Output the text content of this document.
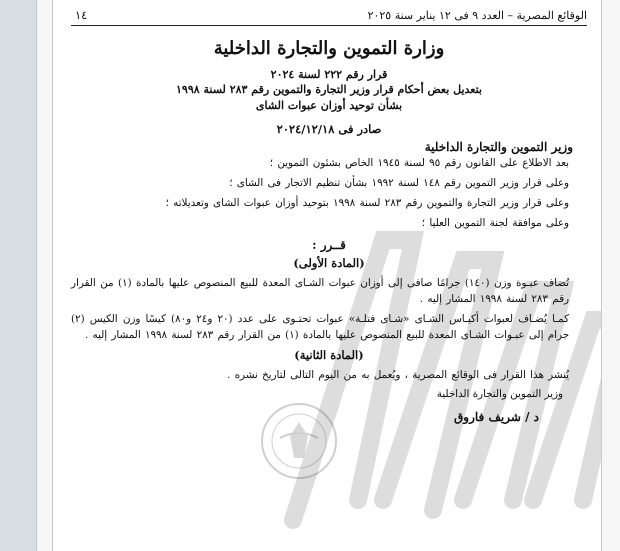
الوقائع المصرية – العدد ٩ فى ١٢ يناير سنة ٢٠٢٥
١٤
وزارة التموين والتجارة الداخلية
قرار رقم ٢٢٢ لسنة ٢٠٢٤
بتعديل بعض أحكام قرار وزير التجارة والتموين رقم ٢٨٣ لسنة ١٩٩٨
بشأن توحيد أوزان عبوات الشاى
صادر فى ٢٠٢٤/١٢/١٨
وزير التموين والتجارة الداخلية

بعد الاطلاع على القانون رقم ٩٥ لسنة ١٩٤٥ الخاص بشئون التموين ؛

وعلى قرار وزير التموين رقم ١٤٨ لسنة ١٩٩٢ بشأن تنظيم الاتجار فى الشاى ؛

وعلى قرار وزير التجارة والتموين رقم ٢٨٣ لسنة ١٩٩٨ بتوحيد أوزان عبوات الشاى وتعديلاته ؛

وعلى موافقة لجنة التموين العليا ؛

قــرر :
(المادة الأولى)

تُضاف عبـوة وزن (١٤٠) جرامًا صافى إلى أوزان عبوات الشـاى المعدة للبيع المنصوص عليها بالمادة (١) من القرار رقم ٢٨٣ لسنة ١٩٩٨ المشار إليه .

كمـا يُضـاف لعبوات أكيـاس الشـاى «شـاى فتلـة» عبوات تحتـوى على عدد (٢٠ و٢٤ و٨٠) كيسًا وزن الكيس (٢) جرام إلى عبـوات الشـاى المعدة للبيع المنصوص عليها بالمادة (١) من القرار رقم ٢٨٣ لسنة ١٩٩٨ المشار إليه .

(المادة الثانية)

يُنشر هذا القرار فى الوقائع المصرية ، ويُعمل به من اليوم التالى لتاريخ نشره .

وزير التموين والتجارة الداخلية
د / شريف فاروق
